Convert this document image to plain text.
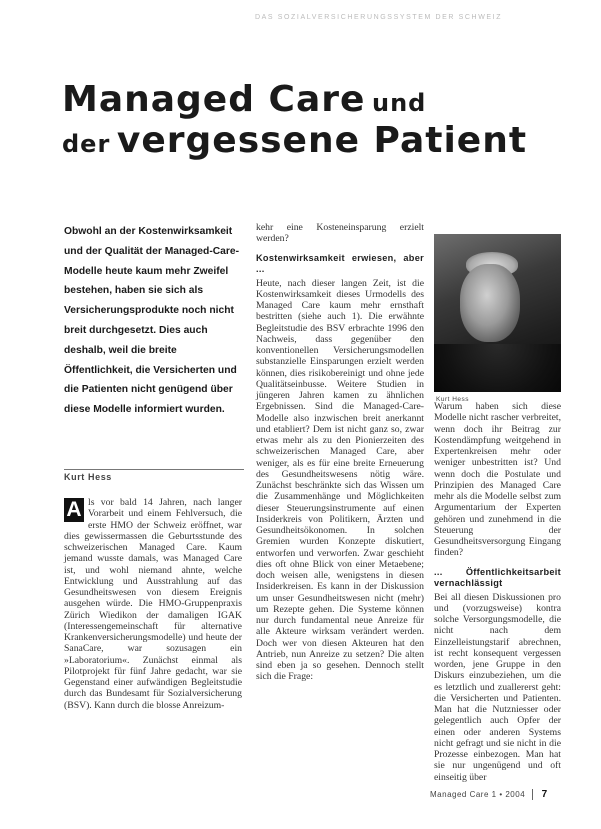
DAS SOZIALVERSICHERUNGSSYSTEM DER SCHWEIZ
Managed Care und
der vergessene Patient
Obwohl an der Kostenwirksamkeit und der Qualität der Managed-Care-Modelle heute kaum mehr Zweifel bestehen, haben sie sich als Versicherungsprodukte noch nicht breit durchgesetzt. Dies auch deshalb, weil die breite Öffentlichkeit, die Versicherten und die Patienten nicht genügend über diese Modelle informiert wurden.
Kurt Hess
A ls vor bald 14 Jahren, nach langer Vorarbeit und einem Fehlversuch, die erste HMO der Schweiz eröffnet, war dies gewissermassen die Geburtsstunde des schweizerischen Managed Care. Kaum jemand wusste damals, was Managed Care ist, und wohl niemand ahnte, welche Entwicklung und Ausstrahlung auf das Gesundheitswesen von diesem Ereignis ausgehen würde. Die HMO-Gruppenpraxis Zürich Wiedikon der damaligen IGAK (Interessengemeinschaft für alternative Krankenversicherungsmodelle) und heute der SanaCare, war sozusagen ein »Laboratorium«. Zunächst einmal als Pilotprojekt für fünf Jahre gedacht, war sie Gegenstand einer aufwändigen Begleitstudie durch das Bundesamt für Sozialversicherung (BSV). Kann durch die blosse Anreizum-

kehr eine Kosteneinsparung erzielt werden?

Kostenwirksamkeit erwiesen, aber ...

Heute, nach dieser langen Zeit, ist die Kostenwirksamkeit dieses Urmodells des Managed Care kaum mehr ernsthaft bestritten (siehe auch 1). Die erwähnte Begleitstudie des BSV erbrachte 1996 den Nachweis, dass gegenüber den konventionellen Versicherungsmodellen substanzielle Einsparungen erzielt werden können, dies risikobereinigt und ohne jede Qualitätseinbusse. Weitere Studien in jüngeren Jahren kamen zu ähnlichen Ergebnissen. Sind die Managed-Care-Modelle also inzwischen breit anerkannt und etabliert? Dem ist nicht ganz so, zwar etwas mehr als zu den Pionierzeiten des schweizerischen Managed Care, aber weniger, als es für eine breite Erneuerung des Gesundheitswesens nötig wäre. Zunächst beschränkte sich das Wissen um die Zusammenhänge und Möglichkeiten dieser Steuerungsinstrumente auf einen Insiderkreis von Politikern, Ärzten und Gesundheitsökonomen. In solchen Gremien wurden Konzepte diskutiert, entworfen und verworfen. Zwar geschieht dies oft ohne Blick von einer Metaebene; doch weisen alle, wenigstens in diesen Insiderkreisen. Es kann in der Diskussion um unser Gesundheitswesen nicht (mehr) um Rezepte gehen. Die Systeme können nur durch fundamental neue Anreize für alle Akteure wirksam verändert werden. Doch wer von diesen Akteuren hat den Antrieb, nun Anreize zu setzen? Die alten sind eben ja so gesehen. Dennoch stellt sich die Frage:

Kurt Hess

Warum haben sich diese Modelle nicht rascher verbreitet, wenn doch ihr Beitrag zur Kostendämpfung weitgehend in Expertenkreisen mehr oder weniger unbestritten ist? Und wenn doch die Postulate und Prinzipien des Managed Care mehr als die Modelle selbst zum Argumentarium der Experten gehören und zunehmend in die Steuerung der Gesundheitsversorgung Eingang finden?

... Öffentlichkeitsarbeit vernachlässigt

Bei all diesen Diskussionen pro und (vorzugsweise) kontra solche Versorgungsmodelle, die nicht nach dem Einzelleistungstarif abrechnen, ist recht konsequent vergessen worden, jene Gruppe in den Diskurs einzubeziehen, um die es letztlich und zuallererst geht: die Versicherten und Patienten. Man hat die Nutzniesser oder gelegentlich auch Opfer der einen oder anderen Systems nicht gefragt und sie nicht in die Prozesse einbezogen. Man hat sie nur ungenügend und oft einseitig über

Managed Care 1 • 2004 7
